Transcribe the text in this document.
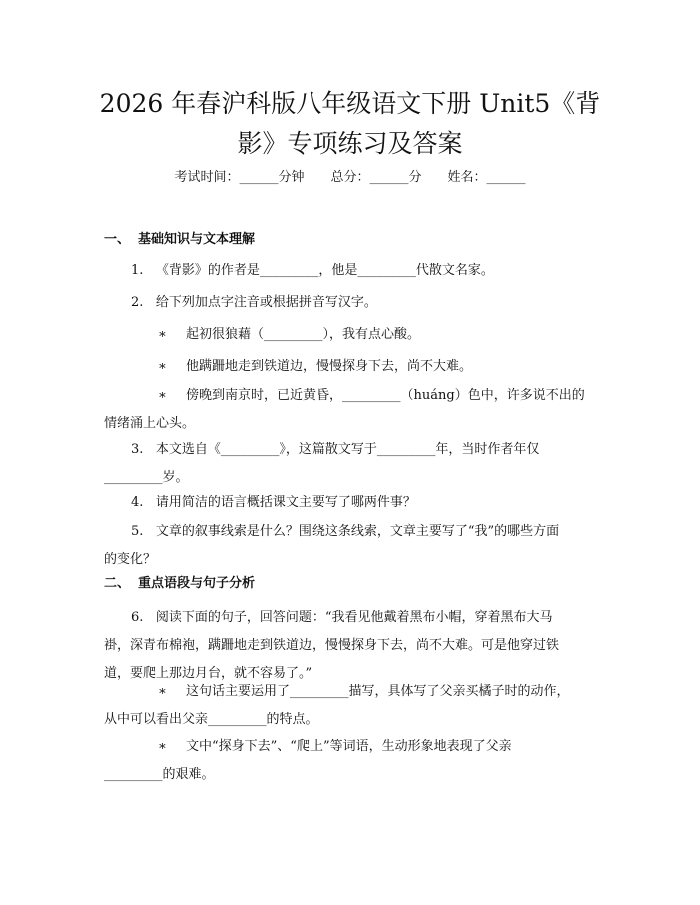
2026 年春沪科版八年级语文下册 Unit5《背
影》专项练习及答案
考试时间：______分钟 总分：______分 姓名：______
一、 基础知识与文本理解

1. 《背影》的作者是_________，他是_________代散文名家。

2. 给下列加点字注音或根据拼音写汉字。

∗ 起初很狼藉（_________），我有点心酸。

∗ 他蹒跚地走到铁道边，慢慢探身下去，尚不大难。

∗ 傍晚到南京时，已近黄昏，_________（huáng）色中，许多说不出的
情绪涌上心头。

3. 本文选自《_________》，这篇散文写于_________年，当时作者年仅
_________岁。

4. 请用简洁的语言概括课文主要写了哪两件事？

5. 文章的叙事线索是什么？围绕这条线索，文章主要写了“我”的哪些方面
的变化？

二、 重点语段与句子分析

6. 阅读下面的句子，回答问题：“我看见他戴着黑布小帽，穿着黑布大马
褂，深青布棉袍，蹒跚地走到铁道边，慢慢探身下去，尚不大难。可是他穿过铁
道，要爬上那边月台，就不容易了。”

∗ 这句话主要运用了_________描写，具体写了父亲买橘子时的动作，
从中可以看出父亲_________的特点。

∗ 文中“探身下去”、“爬上”等词语，生动形象地表现了父亲
_________的艰难。
